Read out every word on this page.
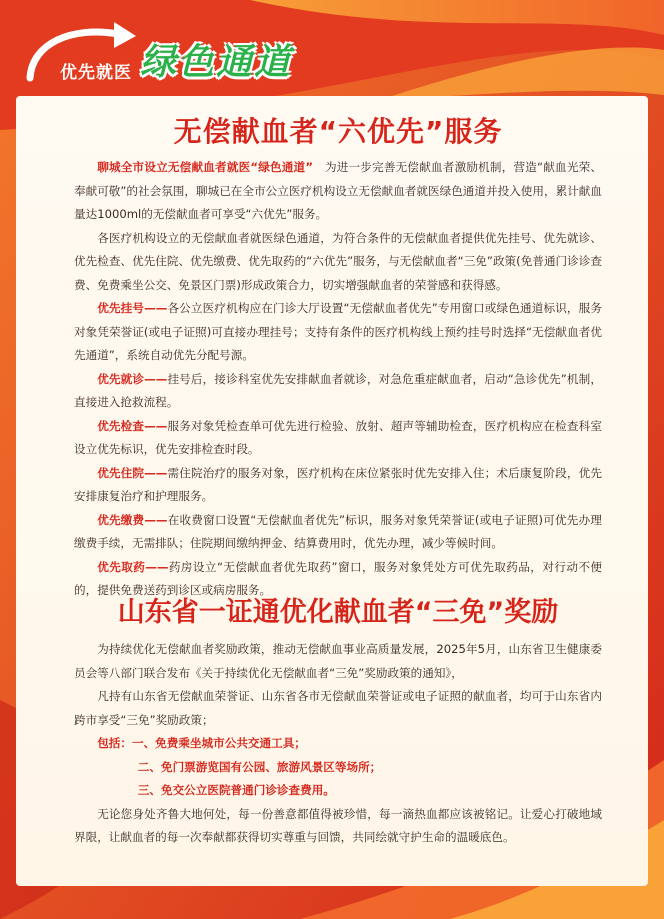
优先就医 绿色通道
无偿献血者“六优先”服务

聊城全市设立无偿献血者就医“绿色通道”　 为进一步完善无偿献血者激励机制，营造“献血光荣、奉献可敬”的社会氛围，聊城已在全市公立医疗机构设立无偿献血者就医绿色通道并投入使用，累计献血量达1000ml的无偿献血者可享受“六优先”服务。

各医疗机构设立的无偿献血者就医绿色通道，为符合条件的无偿献血者提供优先挂号、优先就诊、优先检查、优先住院、优先缴费、优先取药的“六优先”服务，与无偿献血者“三免”政策(免普通门诊诊查费、免费乘坐公交、免景区门票)形成政策合力，切实增强献血者的荣誉感和获得感。

优先挂号——各公立医疗机构应在门诊大厅设置“无偿献血者优先”专用窗口或绿色通道标识，服务对象凭荣誉证(或电子证照)可直接办理挂号；支持有条件的医疗机构线上预约挂号时选择“无偿献血者优先通道”，系统自动优先分配号源。

优先就诊——挂号后，接诊科室优先安排献血者就诊，对急危重症献血者，启动“急诊优先”机制，直接进入抢救流程。

优先检查——服务对象凭检查单可优先进行检验、放射、超声等辅助检查，医疗机构应在检查科室设立优先标识，优先安排检查时段。

优先住院——需住院治疗的服务对象，医疗机构在床位紧张时优先安排入住；术后康复阶段，优先安排康复治疗和护理服务。

优先缴费——在收费窗口设置“无偿献血者优先”标识，服务对象凭荣誉证(或电子证照)可优先办理缴费手续，无需排队；住院期间缴纳押金、结算费用时，优先办理，减少等候时间。

优先取药——药房设立“无偿献血者优先取药”窗口，服务对象凭处方可优先取药品，对行动不便的，提供免费送药到诊区或病房服务。

山东省一证通优化献血者“三免”奖励

为持续优化无偿献血者奖励政策，推动无偿献血事业高质量发展，2025年5月，山东省卫生健康委员会等八部门联合发布《关于持续优化无偿献血者“三免”奖励政策的通知》，

凡持有山东省无偿献血荣誉证、山东省各市无偿献血荣誉证或电子证照的献血者，均可于山东省内跨市享受“三免”奖励政策；

包括：一、免费乘坐城市公共交通工具；
二、免门票游览国有公园、旅游风景区等场所；
三、免交公立医院普通门诊诊查费用。

无论您身处齐鲁大地何处，每一份善意都值得被珍惜，每一滴热血都应该被铭记。让爱心打破地域界限，让献血者的每一次奉献都获得切实尊重与回馈，共同绘就守护生命的温暖底色。
